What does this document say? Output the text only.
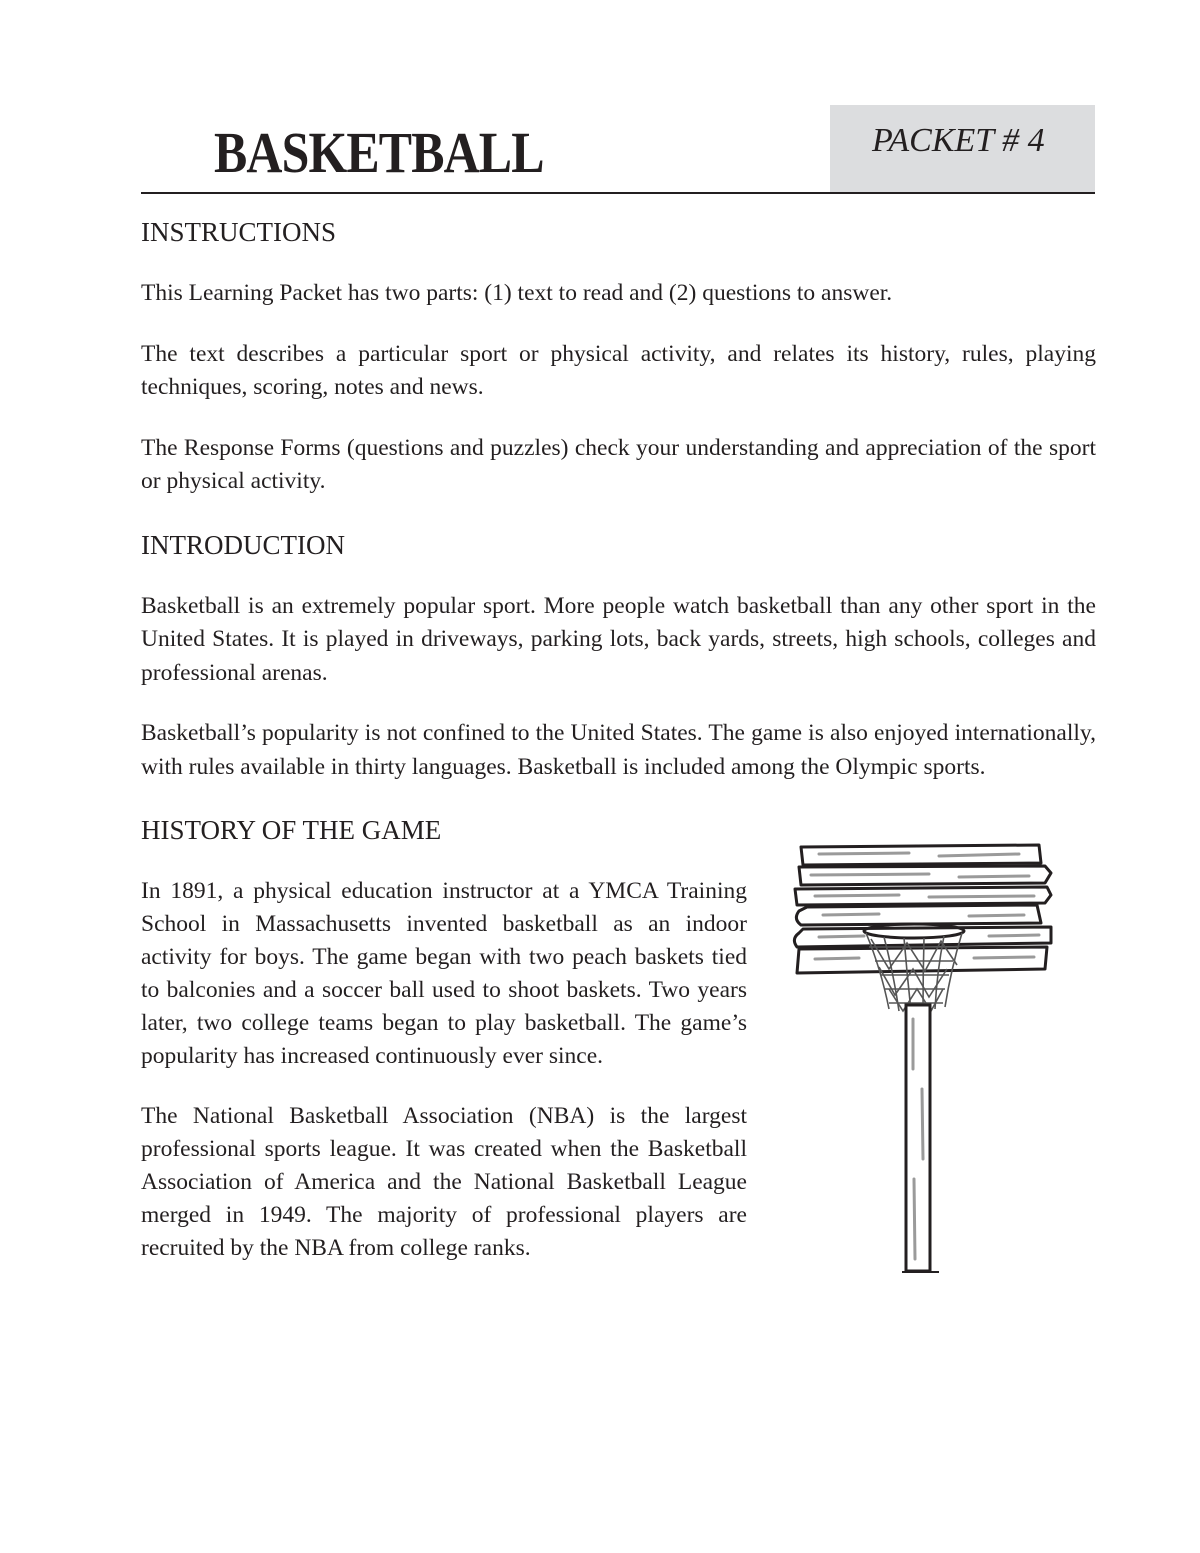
BASKETBALL	PACKET # 4
INSTRUCTIONS

This Learning Packet has two parts: (1) text to read and (2) questions to answer.

The text describes a particular sport or physical activity, and relates its history, rules, playing techniques, scoring, notes and news.

The Response Forms (questions and puzzles) check your understanding and appreciation of the sport or physical activity.

INTRODUCTION

Basketball is an extremely popular sport. More people watch basketball than any other sport in the United States. It is played in driveways, parking lots, back yards, streets, high schools, colleges and professional arenas.

Basketball’s popularity is not confined to the United States. The game is also enjoyed internationally, with rules available in thirty languages. Basketball is included among the Olympic sports.

HISTORY OF THE GAME

In 1891, a physical education instructor at a YMCA Training School in Massachusetts invented basketball as an indoor activity for boys. The game began with two peach baskets tied to balconies and a soccer ball used to shoot baskets. Two years later, two college teams began to play basketball. The game’s popularity has increased continuously ever since.

The National Basketball Association (NBA) is the largest professional sports league. It was created when the Basketball Association of America and the National Basketball League merged in 1949. The majority of professional players are recruited by the NBA from college ranks.
